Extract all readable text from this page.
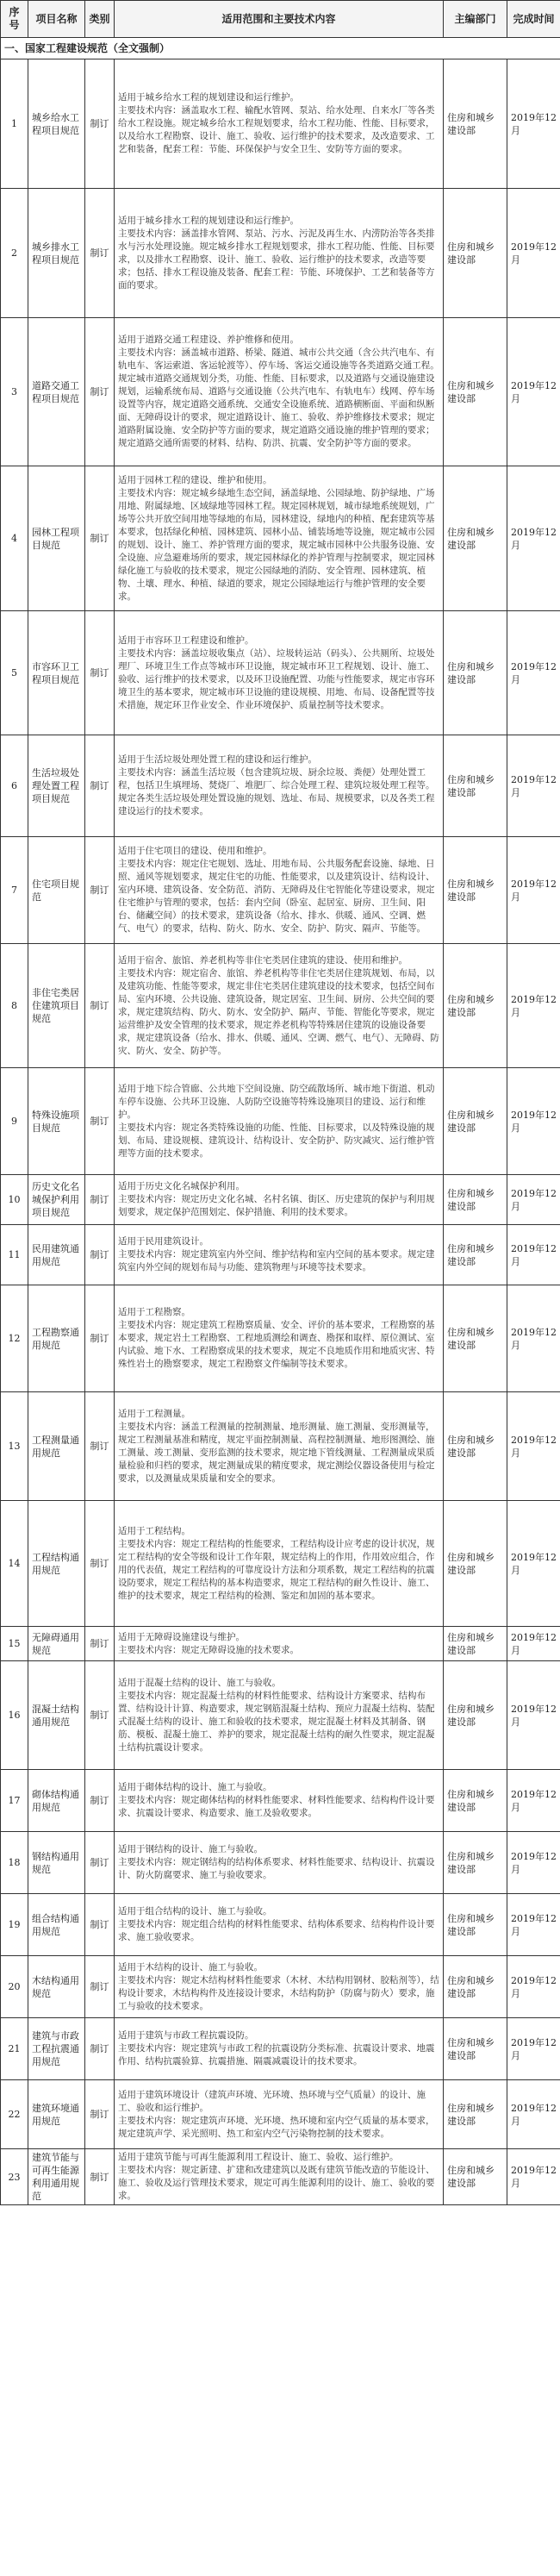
序号	项目名称	类别	适用范围和主要技术内容	主编部门	完成时间
一、国家工程建设规范（全文强制）					
1	城乡给水工程项目规范	制订	适用于城乡给水工程的规划建设和运行维护。
主要技术内容：涵盖取水工程、输配水管网、泵站、给水处理、自来水厂等各类给水工程设施。规定城乡给水工程规划要求，给水工程功能、性能、目标要求，以及给水工程勘察、设计、施工、验收、运行维护的技术要求，及改造要求、工艺和装备，配套工程：节能、环保保护与安全卫生、安防等方面的要求。	住房和城乡建设部	2019年12月
2	城乡排水工程项目规范	制订	适用于城乡排水工程的规划建设和运行维护。
主要技术内容：涵盖排水管网、泵站、污水、污泥及再生水、内涝防治等各类排水与污水处理设施。规定城乡排水工程规划要求，排水工程功能、性能、目标要求，以及排水工程勘察、设计、施工、验收、运行维护的技术要求，改造等要求；包括、排水工程设施及装备、配套工程：节能、环境保护、工艺和装备等方面的要求。	住房和城乡建设部	2019年12月
3	道路交通工程项目规范	制订	适用于道路交通工程建设、养护维修和使用。
主要技术内容：涵盖城市道路、桥梁、隧道、城市公共交通（含公共汽电车、有轨电车、客运索道、客运轮渡等）、停车场、客运交通设施等各类道路交通工程。规定城市道路交通规划分类，功能、性能、目标要求，以及道路与交通设施建设规划，运输系统布局、道路与交通设施（公共汽电车、有轨电车）线网、停车场设置等内容，规定道路交通系统、交通安全设施系统、道路横断面、平面和纵断面、无障碍设计的要求，规定道路设计、施工、验收、养护维修技术要求；规定道路附属设施、安全防护等方面的要求，规定道路交通设施的维护管理的要求；规定道路交通所需要的材料、结构、防洪、抗震、安全防护等方面的要求。	住房和城乡建设部	2019年12月
4	园林工程项目规范	制订	适用于园林工程的建设、维护和使用。
主要技术内容：规定城乡绿地生态空间，涵盖绿地、公园绿地、防护绿地、广场用地、附属绿地、区域绿地等园林工程。规定园林规划，城市绿地系统规划，广场等公共开放空间用地等绿地的布局，园林建设，绿地内的种植、配套建筑等基本要求，包括绿化种植、园林建筑、园林小品、铺装场地等设施，规定城市公园的规划、设计、施工、养护管理方面的要求，规定城市园林中公共服务设施、安全设施、应急避难场所的要求，规定园林绿化的养护管理与控制要求，规定园林绿化施工与验收的技术要求，规定公园绿地的消防、安全管理、园林建筑、植物、土壤、理水、种植、绿道的要求，规定公园绿地运行与维护管理的安全要求。	住房和城乡建设部	2019年12月
5	市容环卫工程项目规范	制订	适用于市容环卫工程建设和维护。
主要技术内容：涵盖垃圾收集点（站）、垃圾转运站（码头）、公共厕所、垃圾处理厂、环境卫生工作点等城市环卫设施，规定城市环卫工程规划、设计、施工、验收、运行维护的技术要求，以及环卫设施配置、功能与性能要求，规定市容环境卫生的基本要求，规定城市环卫设施的建设规模、用地、布局、设备配置等技术措施，规定环卫作业安全、作业环境保护、质量控制等技术要求。	住房和城乡建设部	2019年12月
6	生活垃圾处理处置工程项目规范	制订	适用于生活垃圾处理处置工程的建设和运行维护。
主要技术内容：涵盖生活垃圾（包含建筑垃圾、厨余垃圾、粪便）处理处置工程，包括卫生填埋场、焚烧厂、堆肥厂、综合处理工程、建筑垃圾处理工程等。规定各类生活垃圾处理处置设施的规划、选址、布局、规模要求，以及各类工程建设运行的技术要求。	住房和城乡建设部	2019年12月
7	住宅项目规范	制订	适用于住宅项目的建设、使用和维护。
主要技术内容：规定住宅规划、选址、用地布局、公共服务配套设施、绿地、日照、通风等规划要求，规定住宅的功能、性能要求，以及建筑设计、结构设计、室内环境、建筑设备、安全防范、消防、无障碍及住宅智能化等建设要求，规定住宅维护与管理的要求，包括：套内空间（卧室、起居室、厨房、卫生间、阳台、储藏空间）的技术要求，建筑设备（给水、排水、供暖、通风、空调、燃气、电气）的要求，结构、防火、防水、安全、防护、防灾、隔声、节能等。	住房和城乡建设部	2019年12月
8	非住宅类居住建筑项目规范	制订	适用于宿舍、旅馆、养老机构等非住宅类居住建筑的建设、使用和维护。
主要技术内容：规定宿舍、旅馆、养老机构等非住宅类居住建筑规划、布局，以及建筑功能、性能等要求，规定非住宅类居住建筑建设的技术要求，包括空间布局、室内环境、公共设施、建筑设备，规定居室、卫生间、厨房、公共空间的要求，规定建筑结构、防火、防水、安全防护、隔声、节能、智能化等要求，规定运营维护及安全管理的技术要求，规定养老机构等特殊居住建筑的设施设备要求，规定建筑设备（给水、排水、供暖、通风、空调、燃气、电气）、无障碍、防灾、防火、安全、防护等。	住房和城乡建设部	2019年12月
9	特殊设施项目规范	制订	适用于地下综合管廊、公共地下空间设施、防空疏散场所、城市地下街道、机动车停车设施、公共环卫设施、人防防空设施等特殊设施项目的建设、运行和维护。
主要技术内容：规定各类特殊设施的功能、性能、目标要求，以及特殊设施的规划、布局、建设规模、建筑设计、结构设计、安全防护、防灾减灾、运行维护管理等方面的技术要求。	住房和城乡建设部	2019年12月
10	历史文化名城保护利用项目规范	制订	适用于历史文化名城保护利用。
主要技术内容：规定历史文化名城、名村名镇、街区、历史建筑的保护与利用规划要求，规定保护范围划定、保护措施、利用的技术要求。	住房和城乡建设部	2019年12月
11	民用建筑通用规范	制订	适用于民用建筑设计。
主要技术内容：规定建筑室内外空间、维护结构和室内空间的基本要求。规定建筑室内外空间的规划布局与功能、建筑物理与环境等技术要求。	住房和城乡建设部	2019年12月
12	工程勘察通用规范	制订	适用于工程勘察。
主要技术内容：规定建筑工程勘察质量、安全、评价的基本要求，工程勘察的基本要求，规定岩土工程勘察、工程地质测绘和调查、勘探和取样、原位测试、室内试验、地下水、工程勘察成果的技术要求，规定不良地质作用和地质灾害、特殊性岩土的勘察要求，规定工程勘察文件编制等技术要求。	住房和城乡建设部	2019年12月
13	工程测量通用规范	制订	适用于工程测量。
主要技术内容：涵盖工程测量的控制测量、地形测量、施工测量、变形测量等，规定工程测量基准和精度，规定平面控制测量、高程控制测量、地形图测绘、施工测量、竣工测量、变形监测的技术要求，规定地下管线测量、工程测量成果质量检验和归档的要求，规定测量成果的精度要求，规定测绘仪器设备使用与检定要求，以及测量成果质量和安全的要求。	住房和城乡建设部	2019年12月
14	工程结构通用规范	制订	适用于工程结构。
主要技术内容：规定工程结构的性能要求，工程结构设计应考虑的设计状况，规定工程结构的安全等级和设计工作年限，规定结构上的作用，作用效应组合，作用的代表值，规定工程结构的可靠度设计方法和分项系数，规定工程结构的抗震设防要求，规定工程结构的基本构造要求，规定工程结构的耐久性设计、施工、维护的技术要求，规定工程结构的检测、鉴定和加固的基本要求。	住房和城乡建设部	2019年12月
15	无障碍通用规范	制订	适用于无障碍设施建设与维护。
主要技术内容：规定无障碍设施的技术要求。	住房和城乡建设部	2019年12月
16	混凝土结构通用规范	制订	适用于混凝土结构的设计、施工与验收。
主要技术内容：规定混凝土结构的材料性能要求、结构设计方案要求、结构布置、结构设计计算、构造要求，规定钢筋混凝土结构、预应力混凝土结构、装配式混凝土结构的设计、施工和验收的技术要求，规定混凝土材料及其制备、钢筋、模板、混凝土施工、养护的要求，规定混凝土结构的耐久性要求，规定混凝土结构抗震设计要求。	住房和城乡建设部	2019年12月
17	砌体结构通用规范	制订	适用于砌体结构的设计、施工与验收。
主要技术内容：规定砌体结构的材料性能要求、材料性能要求、结构构件设计要求、抗震设计要求、构造要求、施工及验收要求。	住房和城乡建设部	2019年12月
18	钢结构通用规范	制订	适用于钢结构的设计、施工与验收。
主要技术内容：规定钢结构的结构体系要求、材料性能要求、结构设计、抗震设计、防火防腐要求、施工与验收要求。	住房和城乡建设部	2019年12月
19	组合结构通用规范	制订	适用于组合结构的设计、施工与验收。
主要技术内容：规定组合结构的材料性能要求、结构体系要求、结构构件设计要求、施工验收要求。	住房和城乡建设部	2019年12月
20	木结构通用规范	制订	适用于木结构的设计、施工与验收。
主要技术内容：规定木结构材料性能要求（木材、木结构用钢材、胶粘剂等），结构设计要求，木结构构件及连接设计要求，木结构防护（防腐与防火）要求，施工与验收的技术要求。	住房和城乡建设部	2019年12月
21	建筑与市政工程抗震通用规范	制订	适用于建筑与市政工程抗震设防。
主要技术内容：规定建筑与市政工程的抗震设防分类标准、抗震设计要求、地震作用、结构抗震验算、抗震措施、隔震减震设计的技术要求。	住房和城乡建设部	2019年12月
22	建筑环境通用规范	制订	适用于建筑环境设计（建筑声环境、光环境、热环境与空气质量）的设计、施工、验收和运行维护。
主要技术内容：规定建筑声环境、光环境、热环境和室内空气质量的基本要求，规定建筑声学、采光照明、热工和室内空气污染物控制的技术要求。	住房和城乡建设部	2019年12月
23	建筑节能与可再生能源利用通用规范	制订	适用于建筑节能与可再生能源利用工程设计、施工、验收、运行维护。
主要技术内容：规定新建、扩建和改建建筑以及既有建筑节能改造的节能设计、施工、验收及运行管理技术要求，规定可再生能源利用的设计、施工、验收的要求。	住房和城乡建设部	2019年12月
